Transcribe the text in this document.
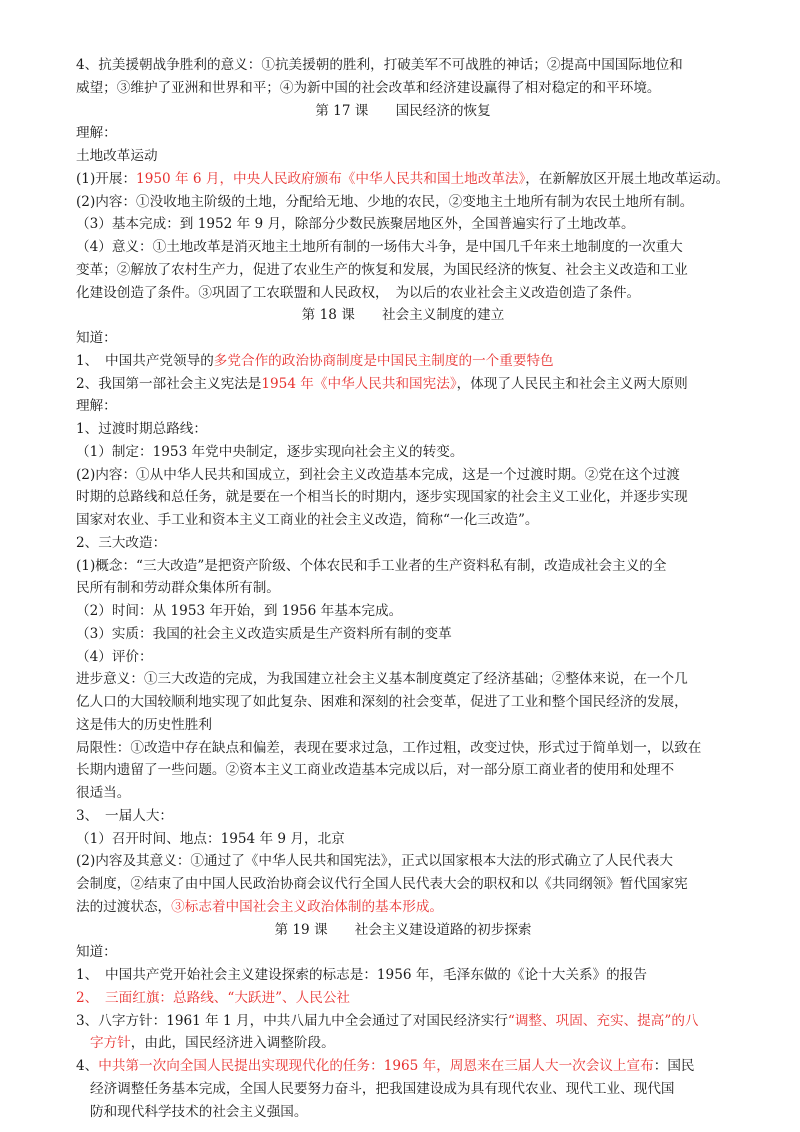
4、抗美援朝战争胜利的意义：①抗美援朝的胜利，打破美军不可战胜的神话；②提高中国国际地位和
威望；③维护了亚洲和世界和平；④为新中国的社会改革和经济建设赢得了相对稳定的和平环境。
第 17 课　　国民经济的恢复
理解：
土地改革运动
(1)开展：1950 年 6 月，中央人民政府颁布《中华人民共和国土地改革法》，在新解放区开展土地改革运动。
(2)内容：①没收地主阶级的土地，分配给无地、少地的农民，②变地主土地所有制为农民土地所有制。
（3）基本完成：到 1952 年 9 月，除部分少数民族聚居地区外，全国普遍实行了土地改革。
（4）意义：①土地改革是消灭地主土地所有制的一场伟大斗争，是中国几千年来土地制度的一次重大
变革；②解放了农村生产力，促进了农业生产的恢复和发展，为国民经济的恢复、社会主义改造和工业
化建设创造了条件。③巩固了工农联盟和人民政权，　为以后的农业社会主义改造创造了条件。
第 18 课　　社会主义制度的建立
知道：
1、　中国共产党领导的多党合作的政治协商制度是中国民主制度的一个重要特色
2、我国第一部社会主义宪法是1954 年《中华人民共和国宪法》，体现了人民民主和社会主义两大原则
理解：
1、过渡时期总路线：
（1）制定：1953 年党中央制定，逐步实现向社会主义的转变。
(2)内容：①从中华人民共和国成立，到社会主义改造基本完成，这是一个过渡时期。②党在这个过渡
时期的总路线和总任务，就是要在一个相当长的时期内，逐步实现国家的社会主义工业化，并逐步实现
国家对农业、手工业和资本主义工商业的社会主义改造，简称“一化三改造”。
2、三大改造：
(1)概念：“三大改造”是把资产阶级、个体农民和手工业者的生产资料私有制，改造成社会主义的全
民所有制和劳动群众集体所有制。
（2）时间：从 1953 年开始，到 1956 年基本完成。
（3）实质：我国的社会主义改造实质是生产资料所有制的变革
（4）评价：
进步意义：①三大改造的完成，为我国建立社会主义基本制度奠定了经济基础；②整体来说，在一个几
亿人口的大国较顺利地实现了如此复杂、困难和深刻的社会变革，促进了工业和整个国民经济的发展，
这是伟大的历史性胜利
局限性：①改造中存在缺点和偏差，表现在要求过急，工作过粗，改变过快，形式过于简单划一，以致在
长期内遗留了一些问题。②资本主义工商业改造基本完成以后，对一部分原工商业者的使用和处理不
很适当。
3、　一届人大：
（1）召开时间、地点：1954 年 9 月，北京
(2)内容及其意义：①通过了《中华人民共和国宪法》，正式以国家根本大法的形式确立了人民代表大
会制度，②结束了由中国人民政治协商会议代行全国人民代表大会的职权和以《共同纲领》暂代国家宪
法的过渡状态，③标志着中国社会主义政治体制的基本形成。
第 19 课　　社会主义建设道路的初步探索
知道：
1、　中国共产党开始社会主义建设探索的标志是：1956 年，毛泽东做的《论十大关系》的报告
2、　三面红旗：总路线、“大跃进”、人民公社
3、八字方针：1961 年 1 月，中共八届九中全会通过了对国民经济实行“调整、巩固、充实、提高”的八
字方针，由此，国民经济进入调整阶段。
4、中共第一次向全国人民提出实现现代化的任务：1965 年，周恩来在三届人大一次会议上宣布：国民
经济调整任务基本完成，全国人民要努力奋斗，把我国建设成为具有现代农业、现代工业、现代国
防和现代科学技术的社会主义强国。
